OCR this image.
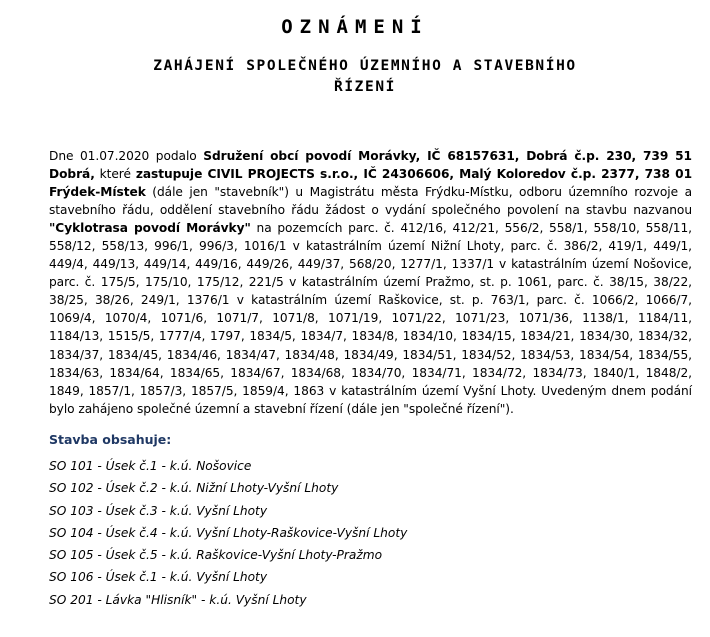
OZNÁMENÍ
ZAHÁJENÍ SPOLEČNÉHO ÚZEMNÍHO A STAVEBNÍHO
ŘÍZENÍ
Dne 01.07.2020 podalo Sdružení obcí povodí Morávky, IČ 68157631, Dobrá č.p. 230, 739 51 Dobrá, které zastupuje CIVIL PROJECTS s.r.o., IČ 24306606, Malý Koloredov č.p. 2377, 738 01 Frýdek-Místek (dále jen "stavebník") u Magistrátu města Frýdku-Místku, odboru územního rozvoje a stavebního řádu, oddělení stavebního řádu žádost o vydání společného povolení na stavbu nazvanou "Cyklotrasa povodí Morávky" na pozemcích parc. č. 412/16, 412/21, 556/2, 558/1, 558/10, 558/11, 558/12, 558/13, 996/1, 996/3, 1016/1 v katastrálním území Nižní Lhoty, parc. č. 386/2, 419/1, 449/1, 449/4, 449/13, 449/14, 449/16, 449/26, 449/37, 568/20, 1277/1, 1337/1 v katastrálním území Nošovice, parc. č. 175/5, 175/10, 175/12, 221/5 v katastrálním území Pražmo, st. p. 1061, parc. č. 38/15, 38/22, 38/25, 38/26, 249/1, 1376/1 v katastrálním území Raškovice, st. p. 763/1, parc. č. 1066/2, 1066/7, 1069/4, 1070/4, 1071/6, 1071/7, 1071/8, 1071/19, 1071/22, 1071/23, 1071/36, 1138/1, 1184/11, 1184/13, 1515/5, 1777/4, 1797, 1834/5, 1834/7, 1834/8, 1834/10, 1834/15, 1834/21, 1834/30, 1834/32, 1834/37, 1834/45, 1834/46, 1834/47, 1834/48, 1834/49, 1834/51, 1834/52, 1834/53, 1834/54, 1834/55, 1834/63, 1834/64, 1834/65, 1834/67, 1834/68, 1834/70, 1834/71, 1834/72, 1834/73, 1840/1, 1848/2, 1849, 1857/1, 1857/3, 1857/5, 1859/4, 1863 v katastrálním území Vyšní Lhoty. Uvedeným dnem podání bylo zahájeno společné územní a stavební řízení (dále jen "společné řízení").
Stavba obsahuje:
SO 101 - Úsek č.1 - k.ú. Nošovice
SO 102 - Úsek č.2 - k.ú. Nižní Lhoty-Vyšní Lhoty
SO 103 - Úsek č.3 - k.ú. Vyšní Lhoty
SO 104 - Úsek č.4 - k.ú. Vyšní Lhoty-Raškovice-Vyšní Lhoty
SO 105 - Úsek č.5 - k.ú. Raškovice-Vyšní Lhoty-Pražmo
SO 106 - Úsek č.1 - k.ú. Vyšní Lhoty
SO 201 - Lávka "Hlisník" - k.ú. Vyšní Lhoty
